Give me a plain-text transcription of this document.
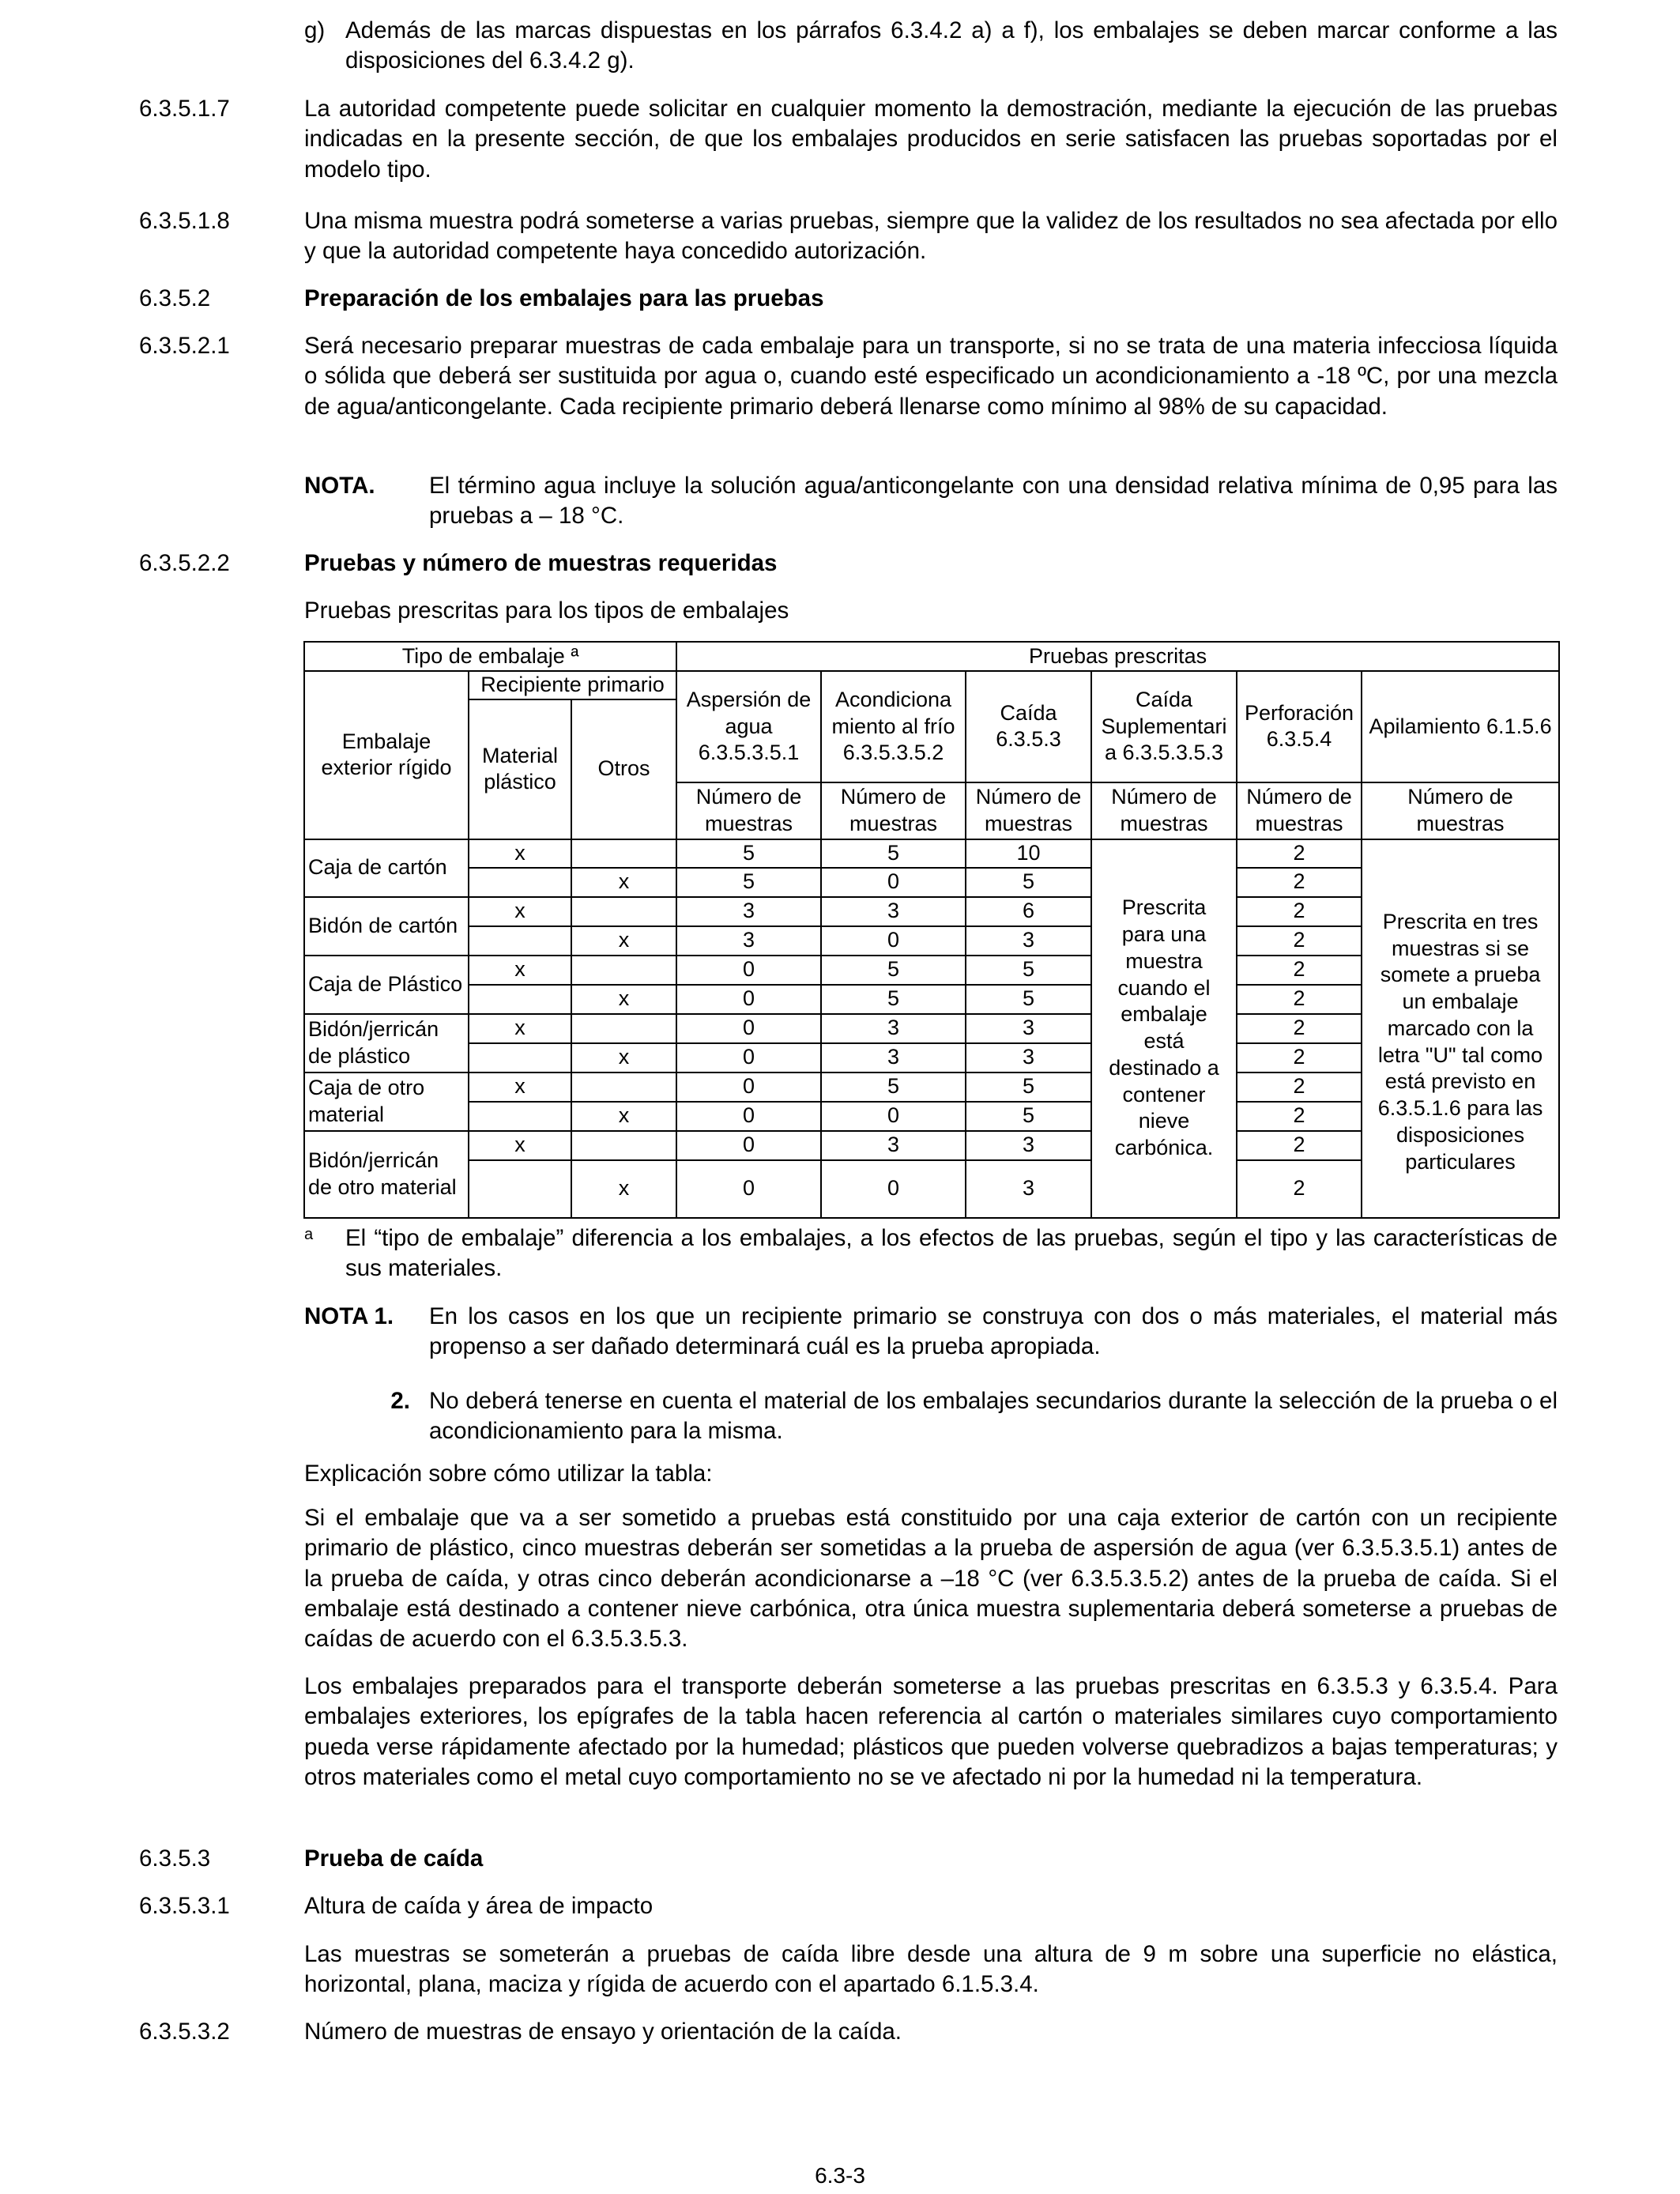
g) Además de las marcas dispuestas en los párrafos 6.3.4.2 a) a f), los embalajes se deben marcar conforme a las disposiciones del 6.3.4.2 g).
6.3.5.1.7	La autoridad competente puede solicitar en cualquier momento la demostración, mediante la ejecución de las pruebas indicadas en la presente sección, de que los embalajes producidos en serie satisfacen las pruebas soportadas por el modelo tipo.
6.3.5.1.8	Una misma muestra podrá someterse a varias pruebas, siempre que la validez de los resultados no sea afectada por ello y que la autoridad competente haya concedido autorización.
6.3.5.2	Preparación de los embalajes para las pruebas
6.3.5.2.1	Será necesario preparar muestras de cada embalaje para un transporte, si no se trata de una materia infecciosa líquida o sólida que deberá ser sustituida por agua o, cuando esté especificado un acondicionamiento a -18 ºC, por una mezcla de agua/anticongelante. Cada recipiente primario deberá llenarse como mínimo al 98% de su capacidad.
NOTA.	El término agua incluye la solución agua/anticongelante con una densidad relativa mínima de 0,95 para las pruebas a – 18 °C.
6.3.5.2.2	Pruebas y número de muestras requeridas
Pruebas prescritas para los tipos de embalajes
Tipo de embalaje ª			Pruebas prescritas					
Embalaje exterior rígido	Recipiente primario		Aspersión de agua 6.3.5.3.5.1	Acondiciona miento al frío 6.3.5.3.5.2	Caída 6.3.5.3	Caída Suplementari a 6.3.5.3.5.3	Perforación 6.3.5.4	Apilamiento 6.1.5.6
	Material plástico	Otros						
			Número de muestras	Número de muestras	Número de muestras	Número de muestras	Número de muestras	Número de muestras
Caja de cartón	x		5	5	10	Prescrita para una muestra cuando el embalaje está destinado a contener nieve carbónica.	2	
		x	5	0	5		2	Prescrita en tres muestras si se somete a prueba un embalaje marcado con la letra "U" tal como está previsto en 6.3.5.1.6 para las disposiciones particulares
Bidón de cartón	x		3	3	6		2	
		x	3	0	3		2	
Caja de Plástico	x		0	5	5		2	
		x	0	5	5		2	
Bidón/jerricán de plástico	x		0	3	3		2	
		x	0	3	3		2	
Caja de otro material	x		0	5	5		2	
		x	0	0	5		2	
Bidón/jerricán de otro material	x		0	3	3		2	
		x	0	0	3		2	
a	El “tipo de embalaje” diferencia a los embalajes, a los efectos de las pruebas, según el tipo y las características de sus materiales.
NOTA 1.	En los casos en los que un recipiente primario se construya con dos o más materiales, el material más propenso a ser dañado determinará cuál es la prueba apropiada.
2. No deberá tenerse en cuenta el material de los embalajes secundarios durante la selección de la prueba o el acondicionamiento para la misma.
Explicación sobre cómo utilizar la tabla:
Si el embalaje que va a ser sometido a pruebas está constituido por una caja exterior de cartón con un recipiente primario de plástico, cinco muestras deberán ser sometidas a la prueba de aspersión de agua (ver 6.3.5.3.5.1) antes de la prueba de caída, y otras cinco deberán acondicionarse a –18 °C (ver 6.3.5.3.5.2) antes de la prueba de caída. Si el embalaje está destinado a contener nieve carbónica, otra única muestra suplementaria deberá someterse a pruebas de caídas de acuerdo con el 6.3.5.3.5.3.
Los embalajes preparados para el transporte deberán someterse a las pruebas prescritas en 6.3.5.3 y 6.3.5.4. Para embalajes exteriores, los epígrafes de la tabla hacen referencia al cartón o materiales similares cuyo comportamiento pueda verse rápidamente afectado por la humedad; plásticos que pueden volverse quebradizos a bajas temperaturas; y otros materiales como el metal cuyo comportamiento no se ve afectado ni por la humedad ni la temperatura.
6.3.5.3	Prueba de caída
6.3.5.3.1	Altura de caída y área de impacto
Las muestras se someterán a pruebas de caída libre desde una altura de 9 m sobre una superficie no elástica, horizontal, plana, maciza y rígida de acuerdo con el apartado 6.1.5.3.4.
6.3.5.3.2	Número de muestras de ensayo y orientación de la caída.
6.3-3
